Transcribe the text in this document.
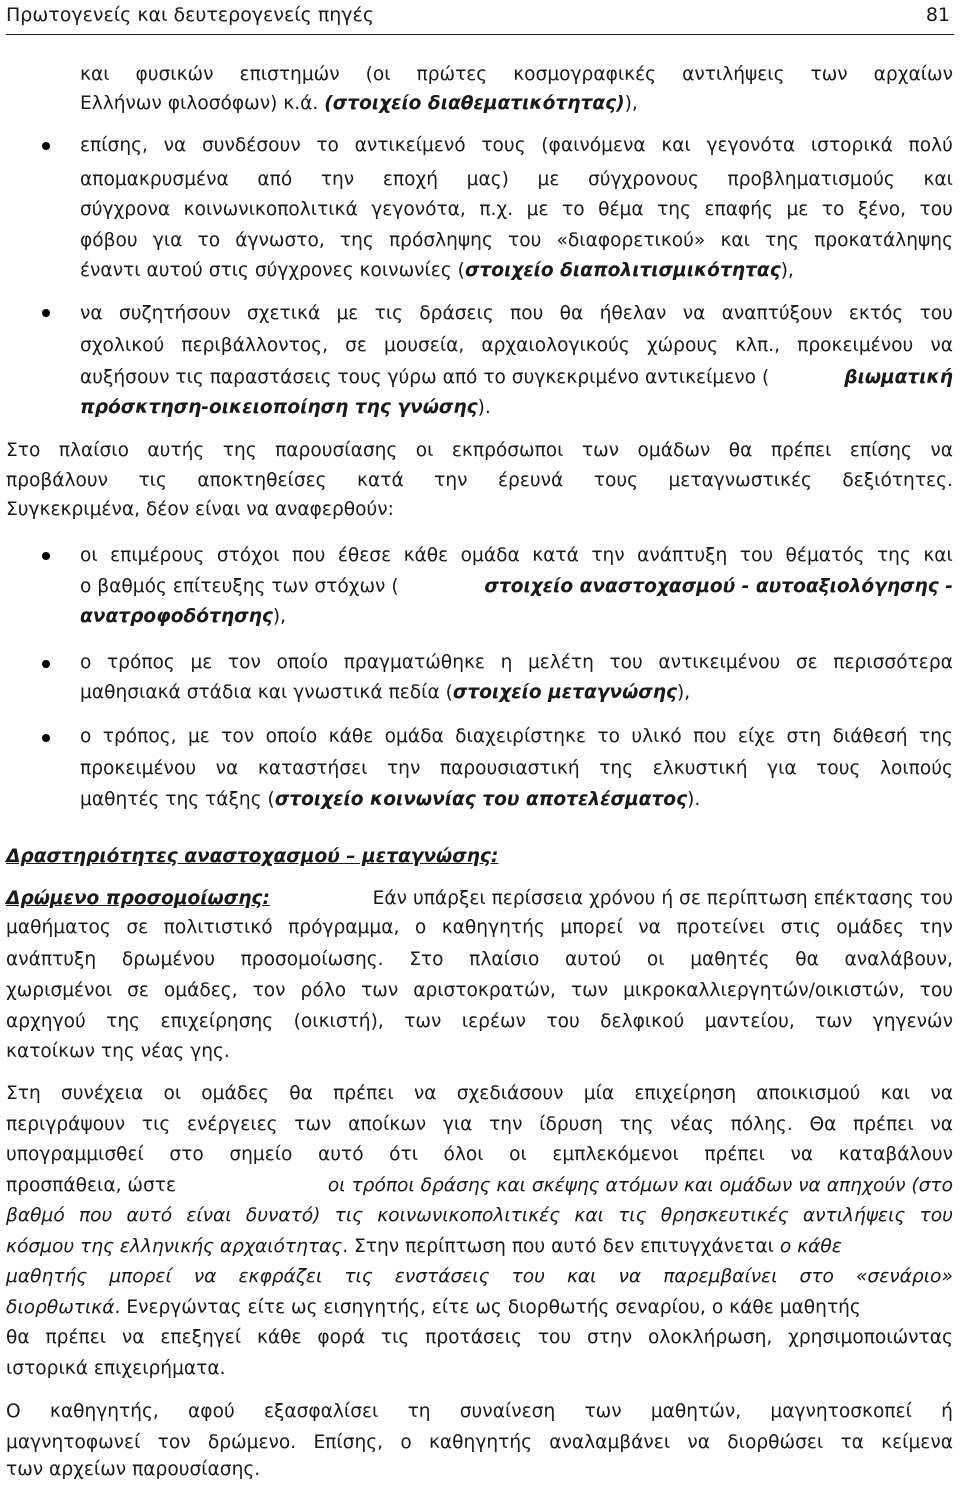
Πρωτογενείς και δευτερογενείς πηγές	81
και φυσικών επιστημών (οι πρώτες κοσμογραφικές αντιλήψεις των αρχαίων
Ελλήνων φιλοσόφων) κ.ά. (στοιχείο διαθεματικότητας)),
επίσης, να συνδέσουν το αντικείμενό τους (φαινόμενα και γεγονότα ιστορικά πολύ
απομακρυσμένα από την εποχή μας) με σύγχρονους προβληματισμούς και
σύγχρονα κοινωνικοπολιτικά γεγονότα, π.χ. με το θέμα της επαφής με το ξένο, του
φόβου για το άγνωστο, της πρόσληψης του «διαφορετικού» και της προκατάληψης
έναντι αυτού στις σύγχρονες κοινωνίες (στοιχείο διαπολιτισμικότητας),
να συζητήσουν σχετικά με τις δράσεις που θα ήθελαν να αναπτύξουν εκτός του
σχολικού περιβάλλοντος, σε μουσεία, αρχαιολογικούς χώρους κλπ., προκειμένου να
αυξήσουν τις παραστάσεις τους γύρω από το συγκεκριμένο αντικείμενο (	βιωματική
πρόσκτηση-οικειοποίηση της γνώσης).
Στο πλαίσιο αυτής της παρουσίασης οι εκπρόσωποι των ομάδων θα πρέπει επίσης να
προβάλουν τις αποκτηθείσες κατά την έρευνά τους μεταγνωστικές δεξιότητες.
Συγκεκριμένα, δέον είναι να αναφερθούν:
οι επιμέρους στόχοι που έθεσε κάθε ομάδα κατά την ανάπτυξη του θέματός της και
ο βαθμός επίτευξης των στόχων (	στοιχείο αναστοχασμού - αυτοαξιολόγησης -
ανατροφοδότησης),
ο τρόπος με τον οποίο πραγματώθηκε η μελέτη του αντικειμένου σε περισσότερα
μαθησιακά στάδια και γνωστικά πεδία (στοιχείο μεταγνώσης),
ο τρόπος, με τον οποίο κάθε ομάδα διαχειρίστηκε το υλικό που είχε στη διάθεσή της
προκειμένου να καταστήσει την παρουσιαστική της ελκυστική για τους λοιπούς
μαθητές της τάξης (στοιχείο κοινωνίας του αποτελέσματος).
Δραστηριότητες αναστοχασμού – μεταγνώσης:
Δρώμενο προσομοίωσης:	Εάν υπάρξει περίσσεια χρόνου ή σε περίπτωση επέκτασης του
μαθήματος σε πολιτιστικό πρόγραμμα, ο καθηγητής μπορεί να προτείνει στις ομάδες την
ανάπτυξη δρωμένου προσομοίωσης. Στο πλαίσιο αυτού οι μαθητές θα αναλάβουν,
χωρισμένοι σε ομάδες, τον ρόλο των αριστοκρατών, των μικροκαλλιεργητών/οικιστών, του
αρχηγού της επιχείρησης (οικιστή), των ιερέων του δελφικού μαντείου, των γηγενών
κατοίκων της νέας γης.
Στη συνέχεια οι ομάδες θα πρέπει να σχεδιάσουν μία επιχείρηση αποικισμού και να
περιγράψουν τις ενέργειες των αποίκων για την ίδρυση της νέας πόλης. Θα πρέπει να
υπογραμμισθεί στο σημείο αυτό ότι όλοι οι εμπλεκόμενοι πρέπει να καταβάλουν
προσπάθεια, ώστε	οι τρόποι δράσης και σκέψης ατόμων και ομάδων να απηχούν (στο
βαθμό που αυτό είναι δυνατό) τις κοινωνικοπολιτικές και τις θρησκευτικές αντιλήψεις του
κόσμου της ελληνικής αρχαιότητας . Στην περίπτωση που αυτό δεν επιτυγχάνεται ο κάθε
μαθητής μπορεί να εκφράζει τις ενστάσεις του και να παρεμβαίνει στο «σενάριο»
διορθωτικά. Ενεργώντας είτε ως εισηγητής, είτε ως διορθωτής σεναρίου, ο κάθε μαθητής
θα πρέπει να επεξηγεί κάθε φορά τις προτάσεις του στην ολοκλήρωση, χρησιμοποιώντας
ιστορικά επιχειρήματα.
Ο καθηγητής, αφού εξασφαλίσει τη συναίνεση των μαθητών, μαγνητοσκοπεί ή
μαγνητοφωνεί τον δρώμενο. Επίσης, ο καθηγητής αναλαμβάνει να διορθώσει τα κείμενα
των αρχείων παρουσίασης.
